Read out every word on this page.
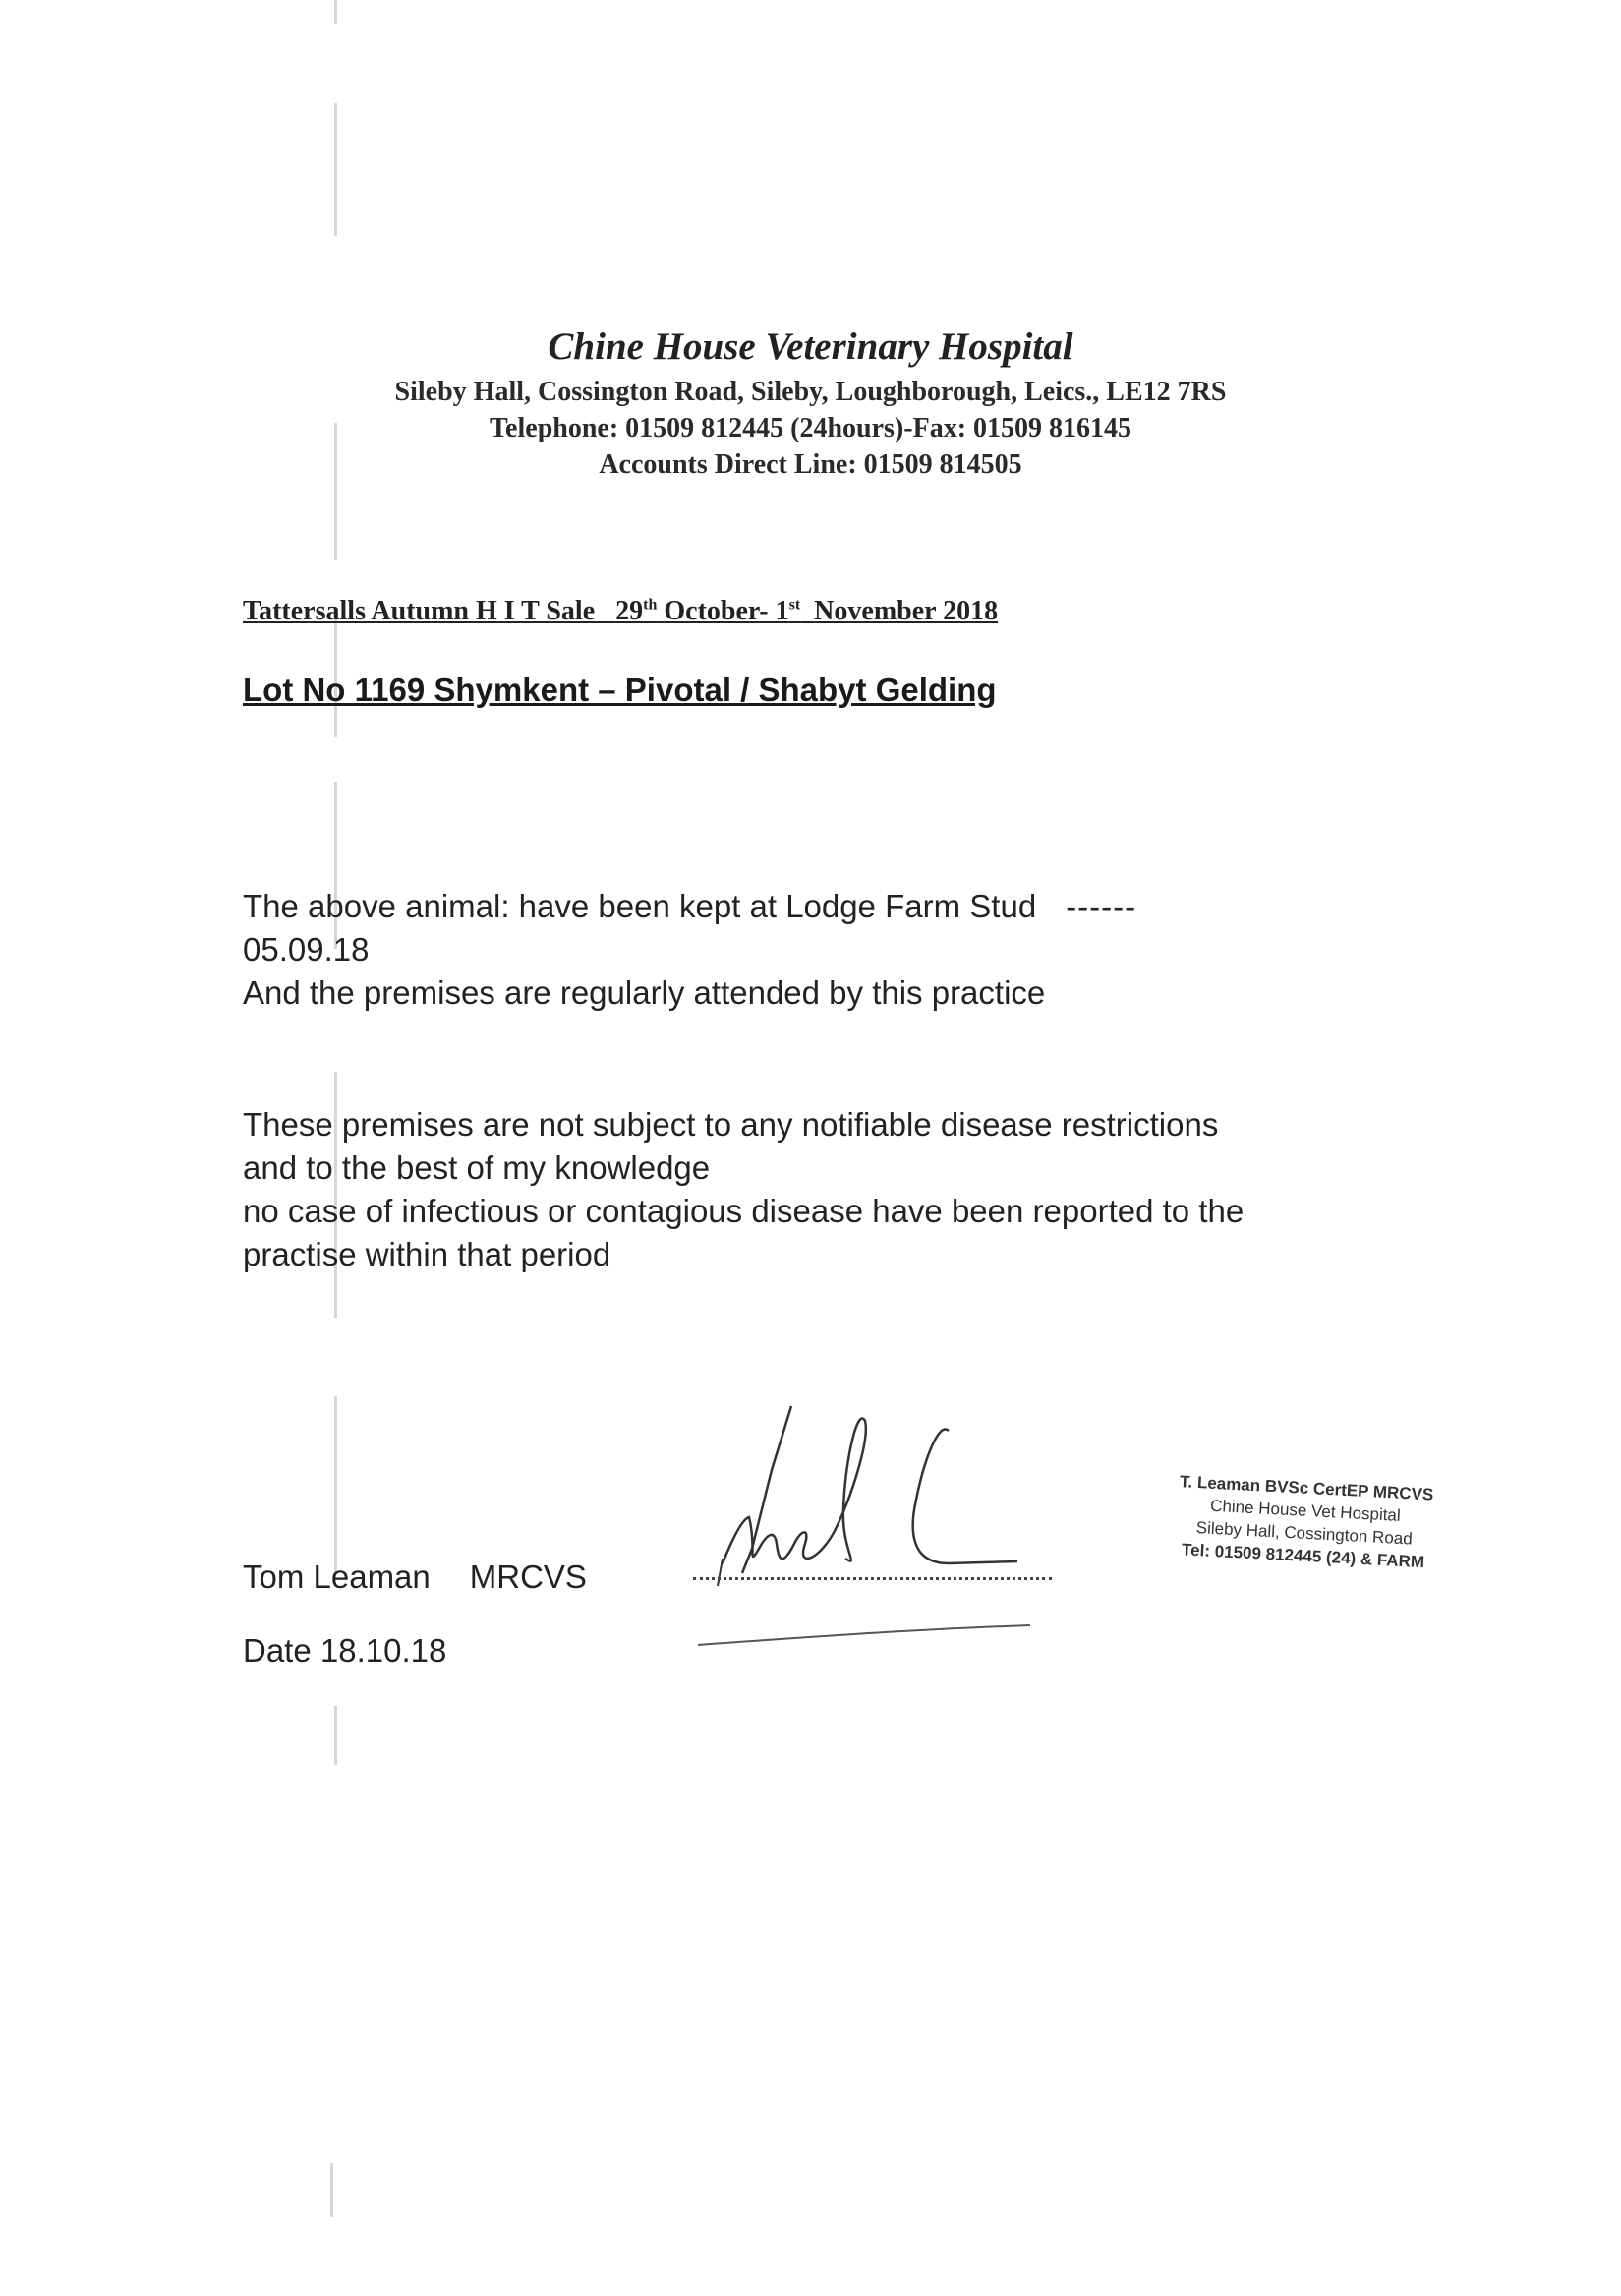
Chine House Veterinary Hospital
Sileby Hall, Cossington Road, Sileby, Loughborough, Leics., LE12 7RS
Telephone: 01509 812445 (24hours)-Fax: 01509 816145
Accounts Direct Line: 01509 814505
Tattersalls Autumn H I T Sale 29th October- 1st November 2018
Lot No 1169 Shymkent – Pivotal / Shabyt Gelding
The above animal: have been kept at Lodge Farm Stud ------
05.09.18
And the premises are regularly attended by this practice
These premises are not subject to any notifiable disease restrictions
and to the best of my knowledge
no case of infectious or contagious disease have been reported to the
practise within that period
Tom Leaman MRCVS
Date 18.10.18
T. Leaman BVSc CertEP MRCVS
Chine House Vet Hospital
Sileby Hall, Cossington Road
Tel: 01509 812445 (24) & FARM
